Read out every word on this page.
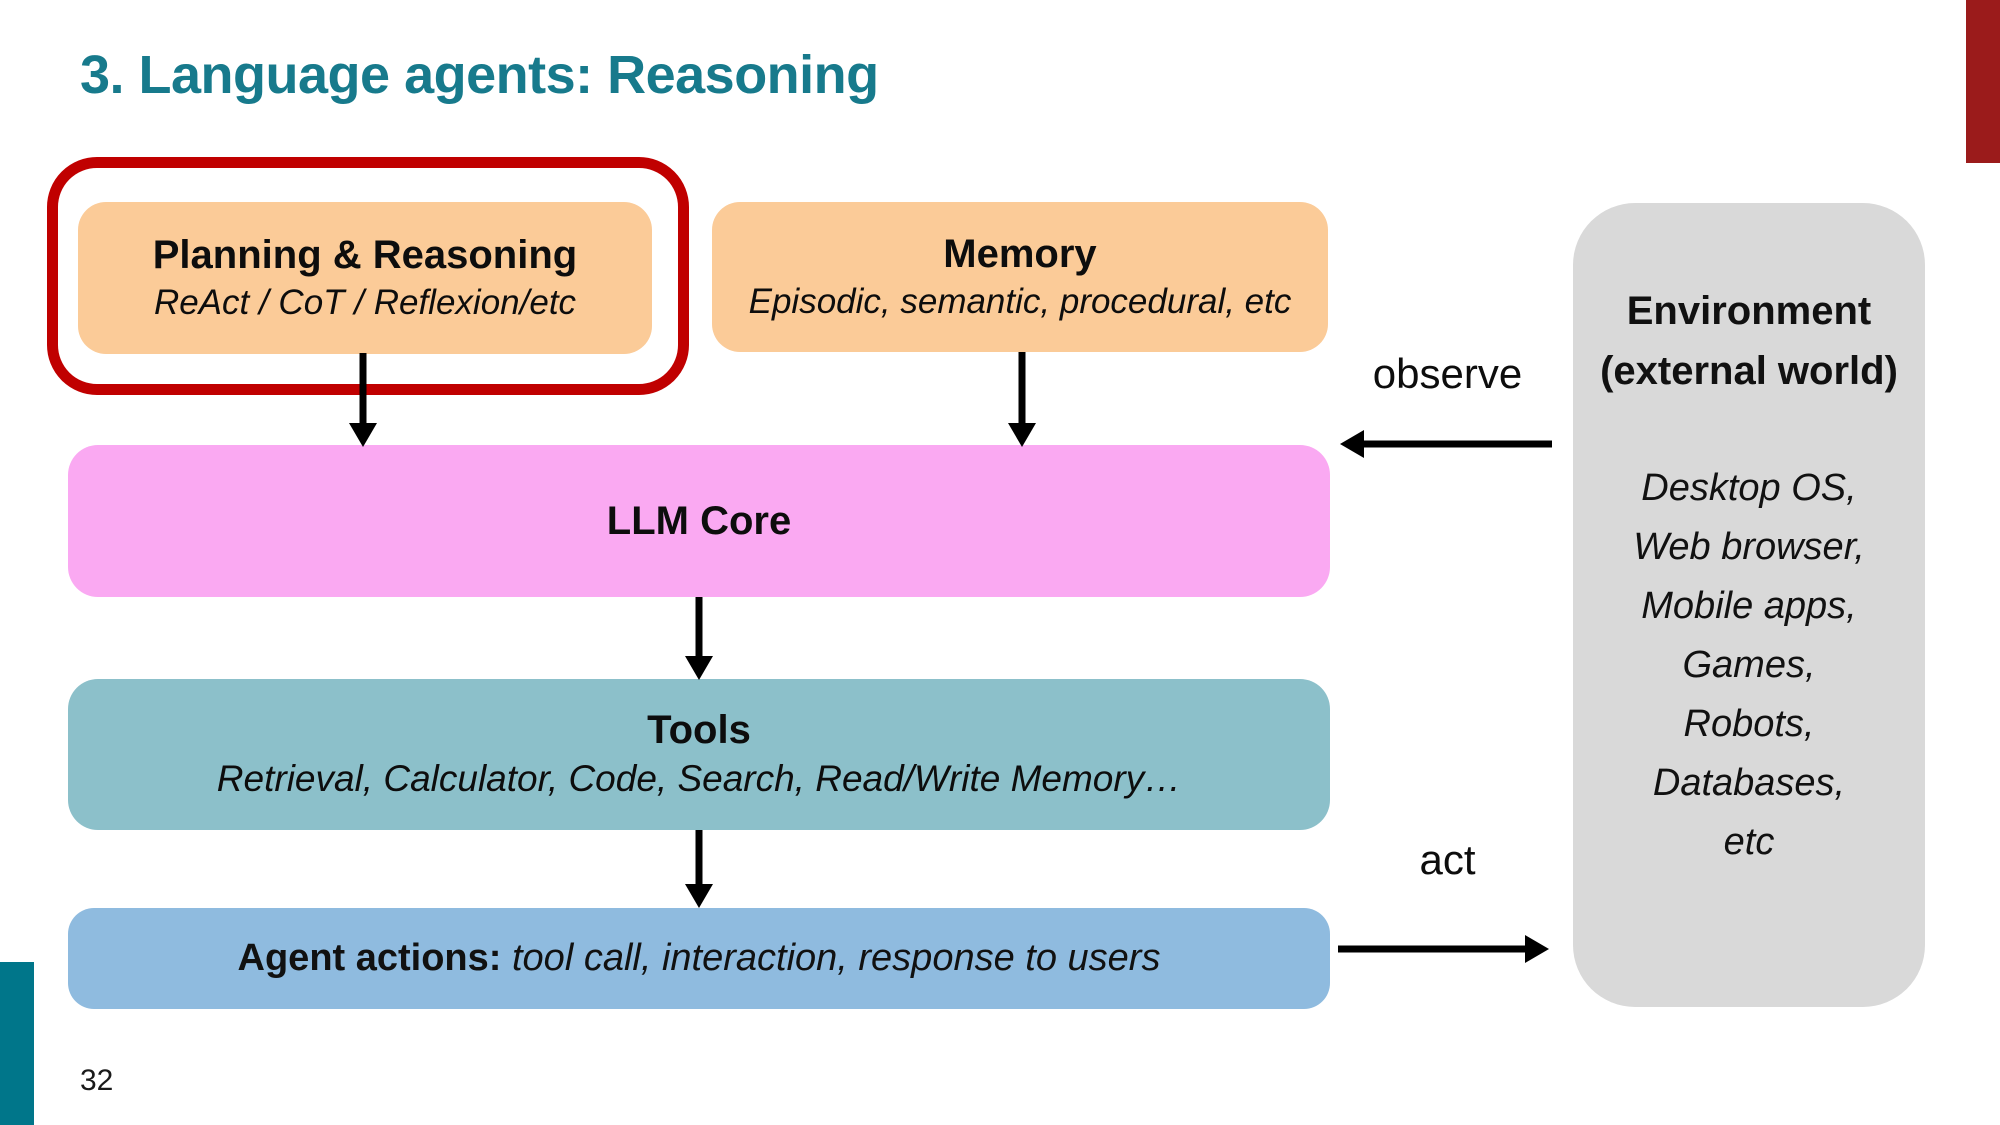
3. Language agents: Reasoning
Planning & Reasoning
ReAct / CoT / Reflexion/etc
Memory
Episodic, semantic, procedural, etc
LLM Core
Tools
Retrieval, Calculator, Code, Search, Read/Write Memory…
Agent actions: tool call, interaction, response to users
Environment
(external world)
Desktop OS,
Web browser,
Mobile apps,
Games,
Robots,
Databases,
etc
observe
act
32
